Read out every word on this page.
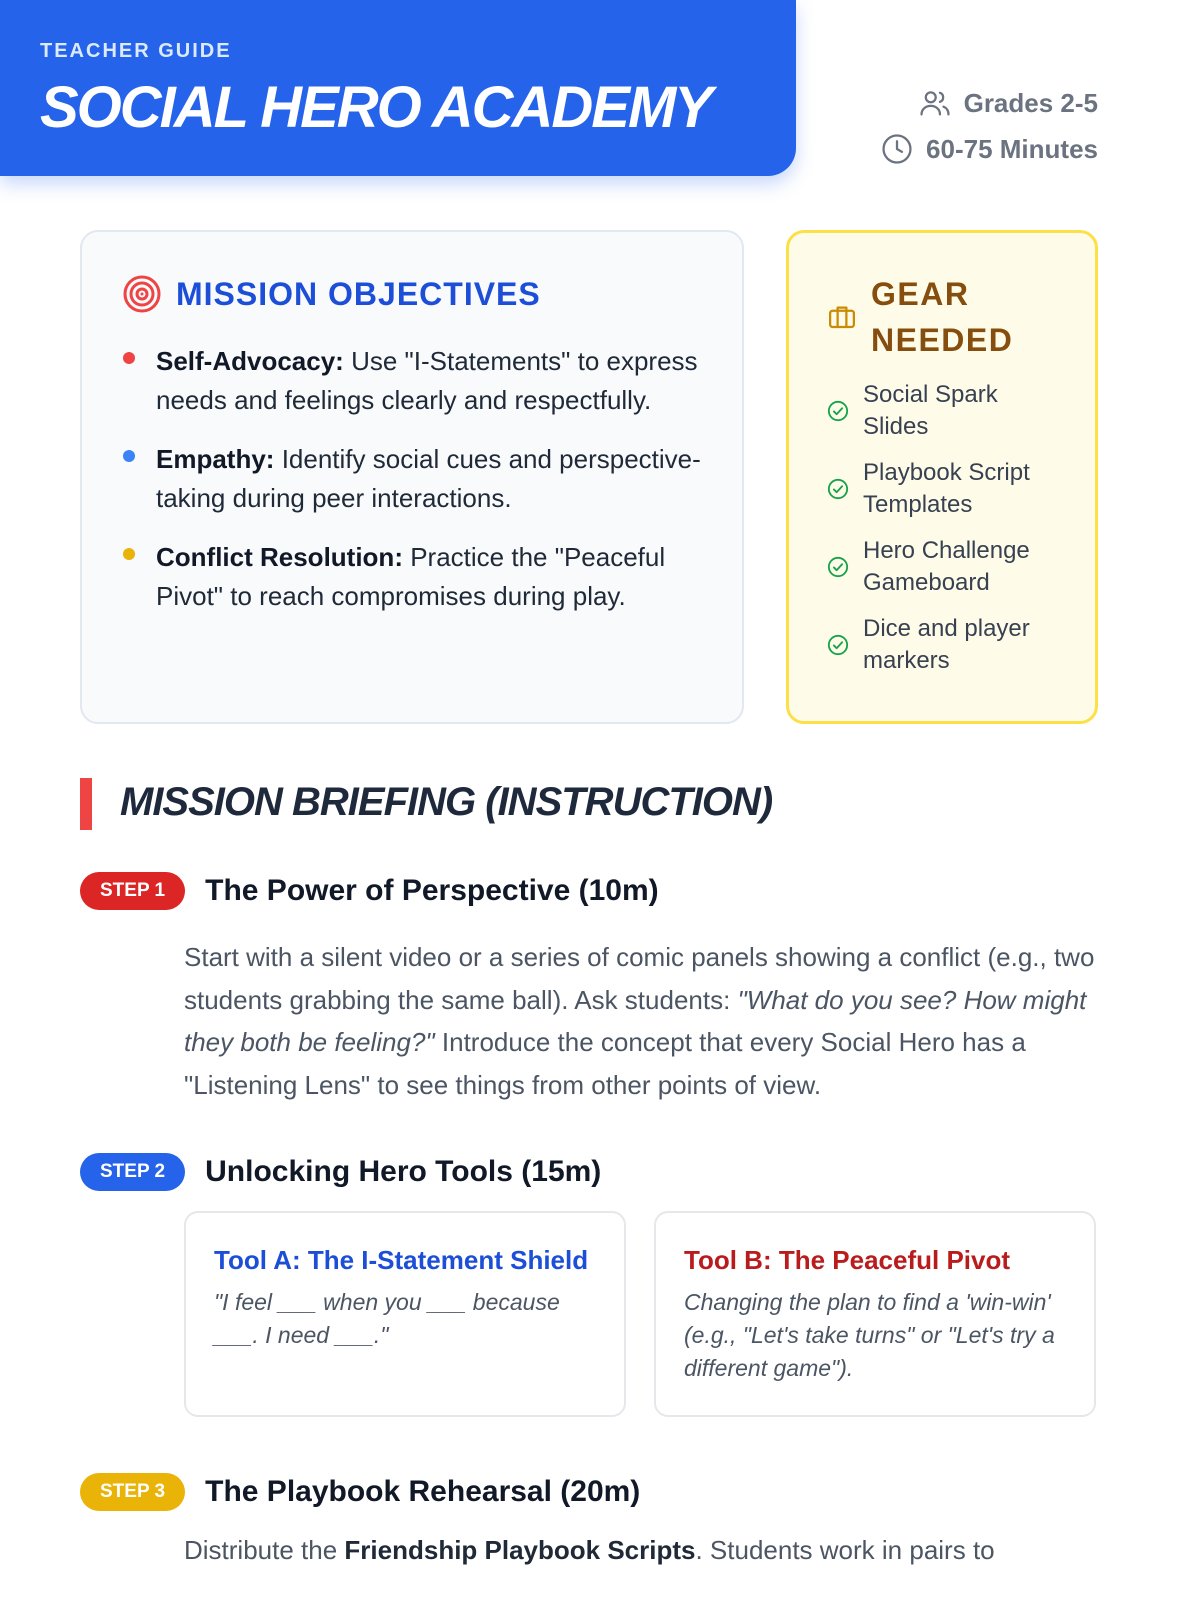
TEACHER GUIDE
SOCIAL HERO ACADEMY	Grades 2-5
60-75 Minutes
MISSION OBJECTIVES
Self-Advocacy: Use "I-Statements" to express needs and feelings clearly and respectfully.
Empathy: Identify social cues and perspective-taking during peer interactions.
Conflict Resolution: Practice the "Peaceful Pivot" to reach compromises during play.
GEAR NEEDED
Social Spark Slides
Playbook Script Templates
Hero Challenge Gameboard
Dice and player markers
MISSION BRIEFING (INSTRUCTION)
STEP 1	The Power of Perspective (10m)

Start with a silent video or a series of comic panels showing a conflict (e.g., two students grabbing the same ball). Ask students: "What do you see? How might they both be feeling?" Introduce the concept that every Social Hero has a "Listening Lens" to see things from other points of view.

STEP 2	Unlocking Hero Tools (15m)
Tool A: The I-Statement Shield
"I feel ___ when you ___ because ___. I need ___."
Tool B: The Peaceful Pivot
Changing the plan to find a 'win-win' (e.g., "Let's take turns" or "Let's try a different game").
STEP 3	The Playbook Rehearsal (20m)

Distribute the Friendship Playbook Scripts. Students work in pairs to
